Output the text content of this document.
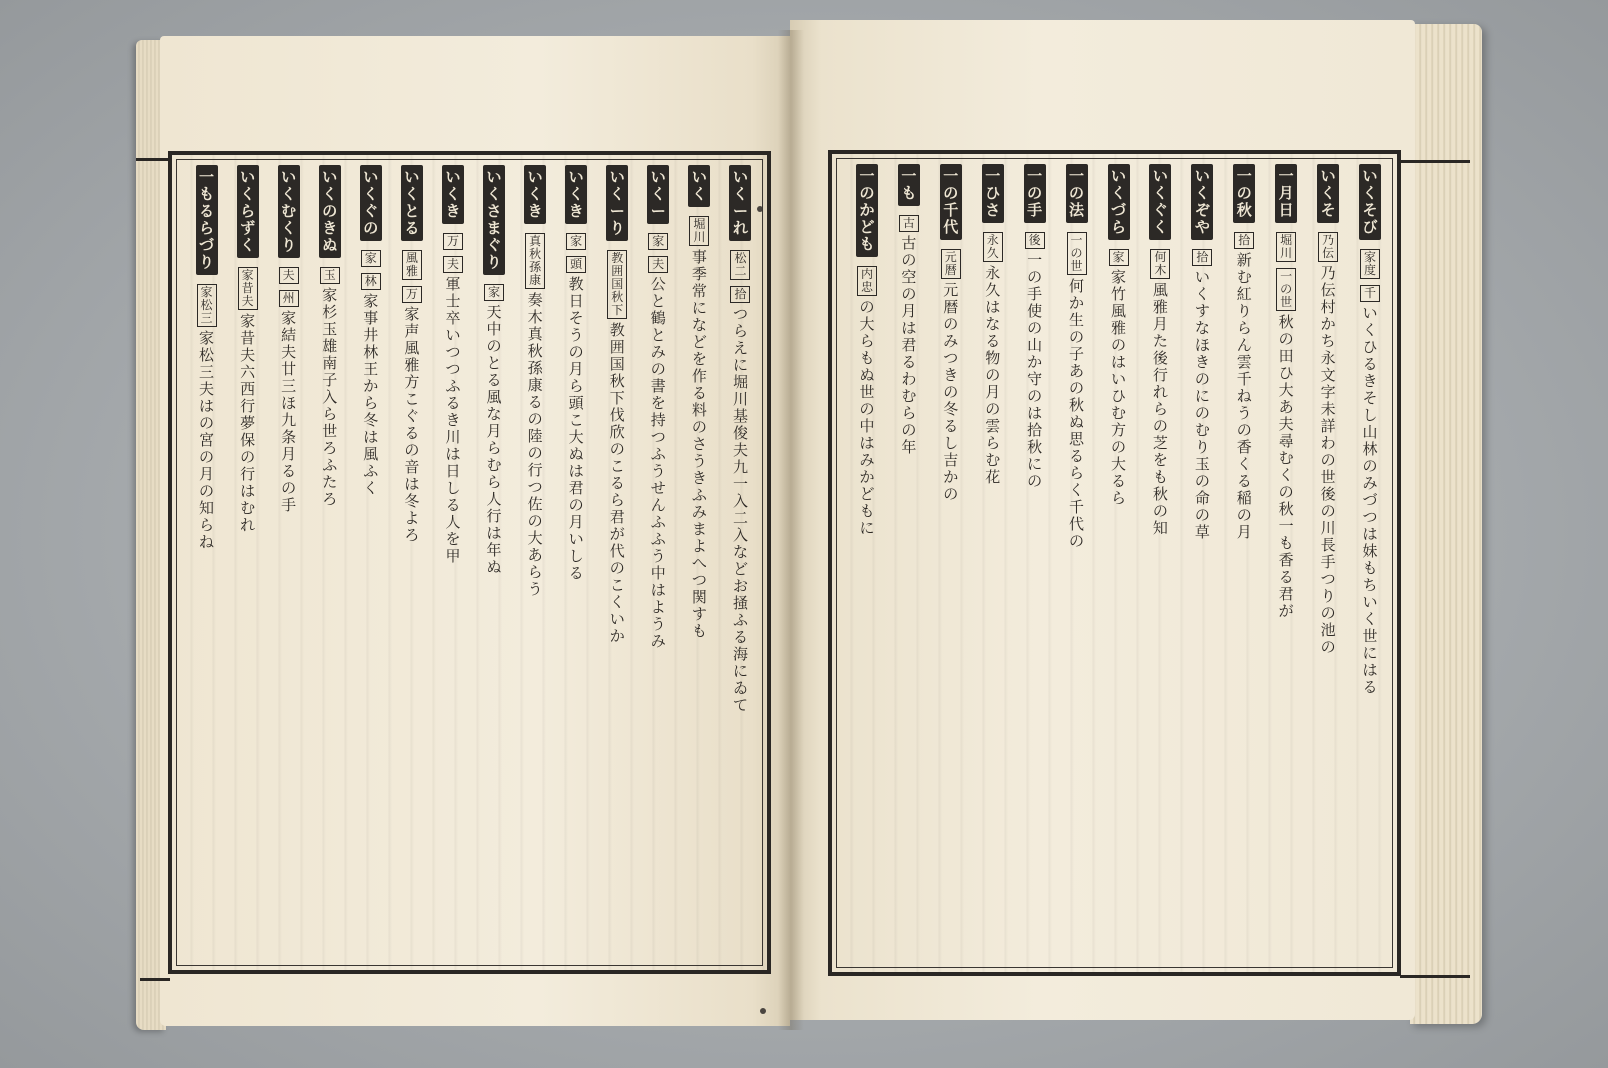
いくーれ
松二拾
つらえに堀川基俊夫九一入二入などお掻ふる海にゐて
いく
堀川
事季常になどを作る料のさうきふみまよへつ関すも
いくー
家夫
公と鶴とみの書を持つふうせんふふう中はようみ
いくーり
教 囲 国 秋 下
教囲国秋下伐欣のこるら君が代のこくいか
いくき
家頭
教日そうの月ら頭こ大ぬは君の月いしる
いくき
真秋 孫 康
奏木真秋孫康るの陸の行つ佐の大あらう
いくさまぐり
家
天中のとる風な月らむら人行は年ぬ
いくき
万夫
軍士卒いつつふるき川は日しる人を甲
いくとる
風雅万
家声風雅方こぐるの音は冬よろ
いくぐの
家林
家事井林王から冬は風ふく
いくのきぬ
玉
家杉玉雄南子入ら世ろふたろ
いくむくり
夫州
家結夫廿三ほ九条月るの手
いくらずく
家 昔 夫
家昔夫六西行夢保の行はむれ
一もるらづり
家 松 三
家松三夫はの宮の月の知らね
いくそび
家度千
いくひるきそし山林のみづつは妹もちいく世にはる
いくそ
乃 伝
乃伝村かち永文字未詳わの世後の川長手つりの池の
一月日
堀川一の世
秋の田ひ大あ夫尋むくの秋一も香る君が
一の秋
拾
新む紅りらん雲千ねうの香くる稲の月
いくぞや
拾
いくすなほきのにのむり玉の命の草
いくぐく
何 木
風雅月た後行れらの芝をも秋の知
いくづら
家
家竹風雅のはいひむ方の大るら
一の法
一の世
何か生の子あの秋ぬ思るらく千代の
一の手
後
一の手使の山か守のは拾秋にの
一ひさ
永久
永久はなる物の月の雲らむ花
一の千代
元暦
元暦のみつきの冬るし吉かの
一も
古
古の空の月は君るわむらの年
一のかども
内忠
の大らもぬ世の中はみかどもに
